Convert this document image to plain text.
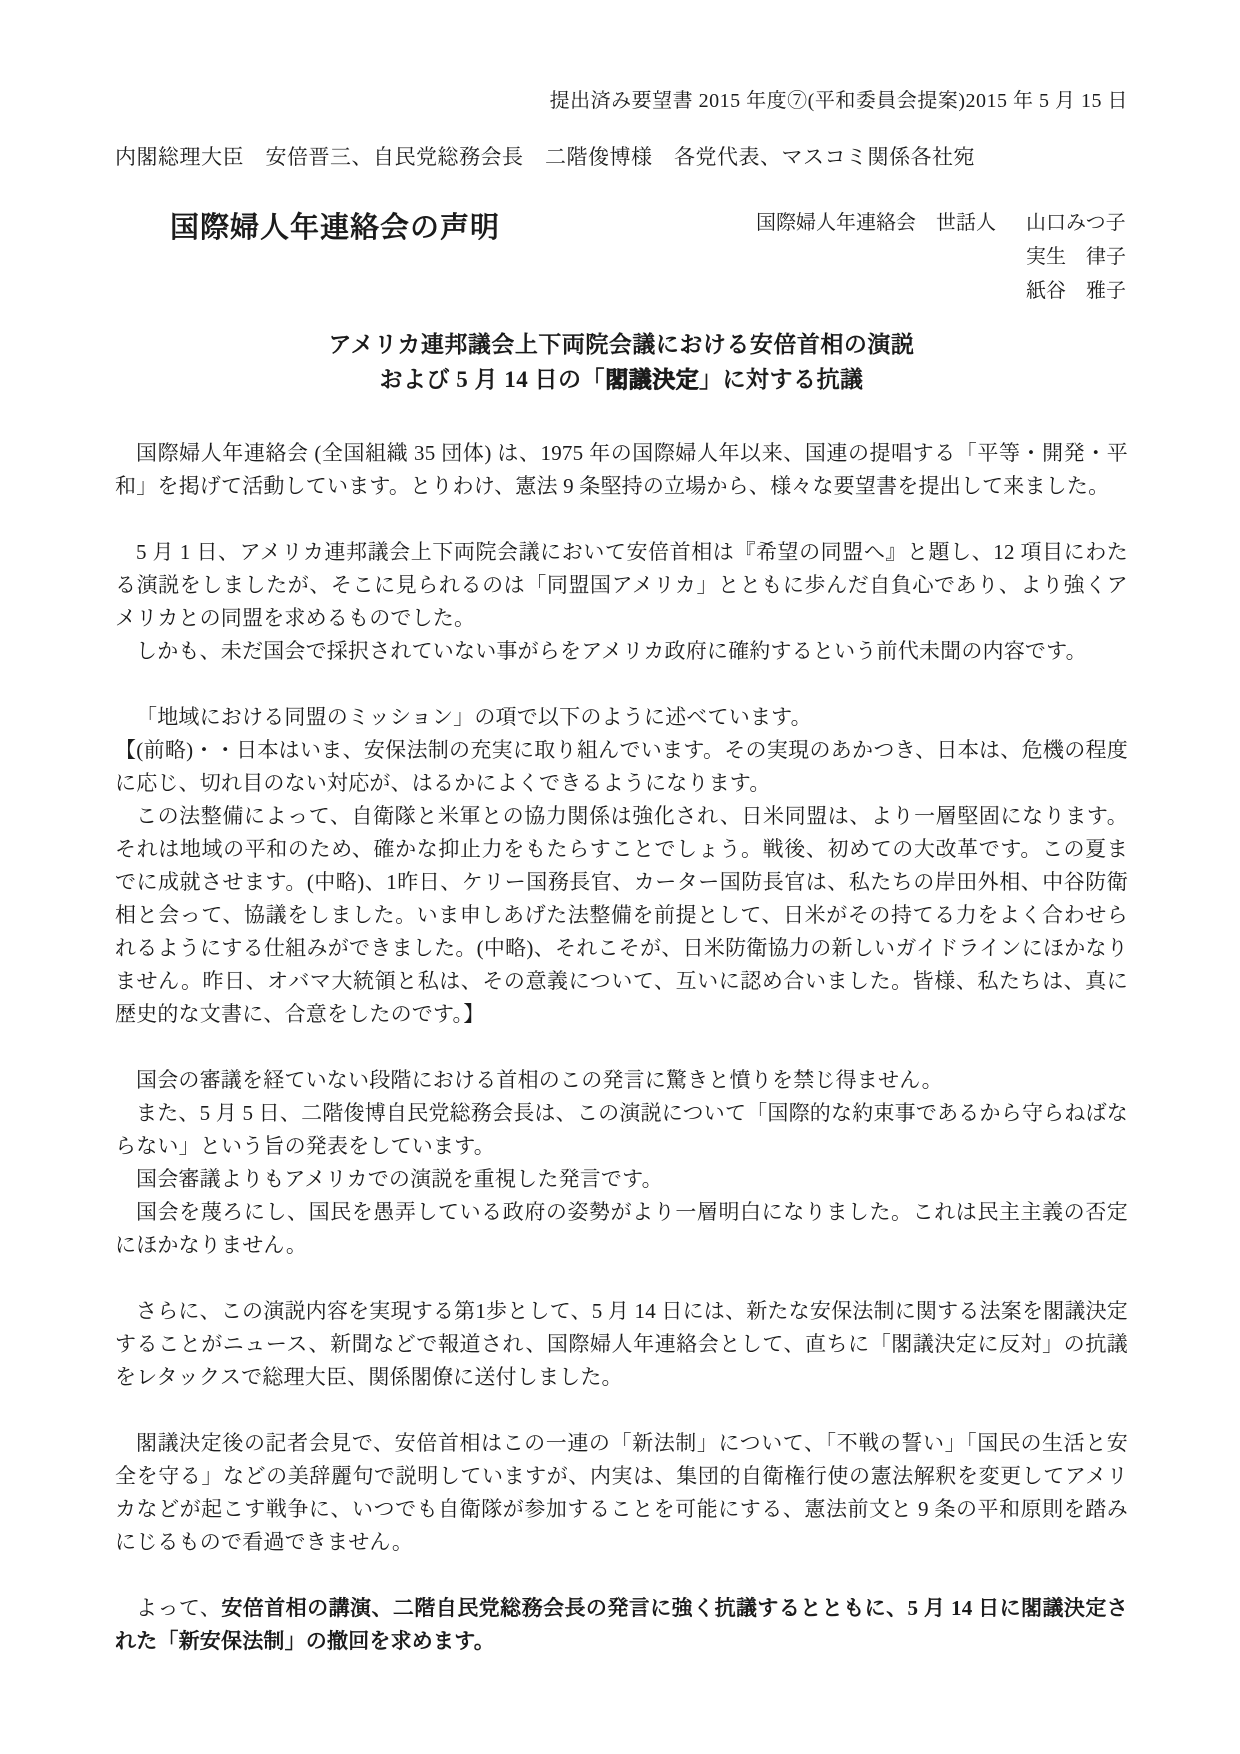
提出済み要望書 2015 年度⑦(平和委員会提案)2015 年 5 月 15 日
内閣総理大臣　安倍晋三、自民党総務会長　二階俊博様　各党代表、マスコミ関係各社宛
国際婦人年連絡会の声明	国際婦人年連絡会　世話人 山口みつ子
実生　律子
紙谷　雅子
アメリカ連邦議会上下両院会議における安倍首相の演説
および 5 月 14 日の「閣議決定」に対する抗議

国際婦人年連絡会 (全国組織 35 団体) は、1975 年の国際婦人年以来、国連の提唱する「平等・開発・平和」を掲げて活動しています。とりわけ、憲法 9 条堅持の立場から、様々な要望書を提出して来ました。

5 月 1 日、アメリカ連邦議会上下両院会議において安倍首相は『希望の同盟へ』と題し、12 項目にわたる演説をしましたが、そこに見られるのは「同盟国アメリカ」とともに歩んだ自負心であり、より強くアメリカとの同盟を求めるものでした。

しかも、未だ国会で採択されていない事がらをアメリカ政府に確約するという前代未聞の内容です。

「地域における同盟のミッション」の項で以下のように述べています。

【(前略)・・日本はいま、安保法制の充実に取り組んでいます。その実現のあかつき、日本は、危機の程度に応じ、切れ目のない対応が、はるかによくできるようになります。

この法整備によって、自衛隊と米軍との協力関係は強化され、日米同盟は、より一層堅固になります。それは地域の平和のため、確かな抑止力をもたらすことでしょう。戦後、初めての大改革です。この夏までに成就させます。(中略)、1昨日、ケリー国務長官、カーター国防長官は、私たちの岸田外相、中谷防衛相と会って、協議をしました。いま申しあげた法整備を前提として、日米がその持てる力をよく合わせられるようにする仕組みができました。(中略)、それこそが、日米防衛協力の新しいガイドラインにほかなりません。昨日、オバマ大統領と私は、その意義について、互いに認め合いました。皆様、私たちは、真に歴史的な文書に、合意をしたのです。】

国会の審議を経ていない段階における首相のこの発言に驚きと憤りを禁じ得ません。

また、5 月 5 日、二階俊博自民党総務会長は、この演説について「国際的な約束事であるから守らねばならない」という旨の発表をしています。

国会審議よりもアメリカでの演説を重視した発言です。

国会を蔑ろにし、国民を愚弄している政府の姿勢がより一層明白になりました。これは民主主義の否定にほかなりません。

さらに、この演説内容を実現する第1歩として、5 月 14 日には、新たな安保法制に関する法案を閣議決定することがニュース、新聞などで報道され、国際婦人年連絡会として、直ちに「閣議決定に反対」の抗議をレタックスで総理大臣、関係閣僚に送付しました。

閣議決定後の記者会見で、安倍首相はこの一連の「新法制」について、「不戦の誓い」「国民の生活と安全を守る」などの美辞麗句で説明していますが、内実は、集団的自衛権行使の憲法解釈を変更してアメリカなどが起こす戦争に、いつでも自衛隊が参加することを可能にする、憲法前文と 9 条の平和原則を踏みにじるもので看過できません。

よって、安倍首相の講演、二階自民党総務会長の発言に強く抗議するとともに、5 月 14 日に閣議決定された「新安保法制」の撤回を求めます。
